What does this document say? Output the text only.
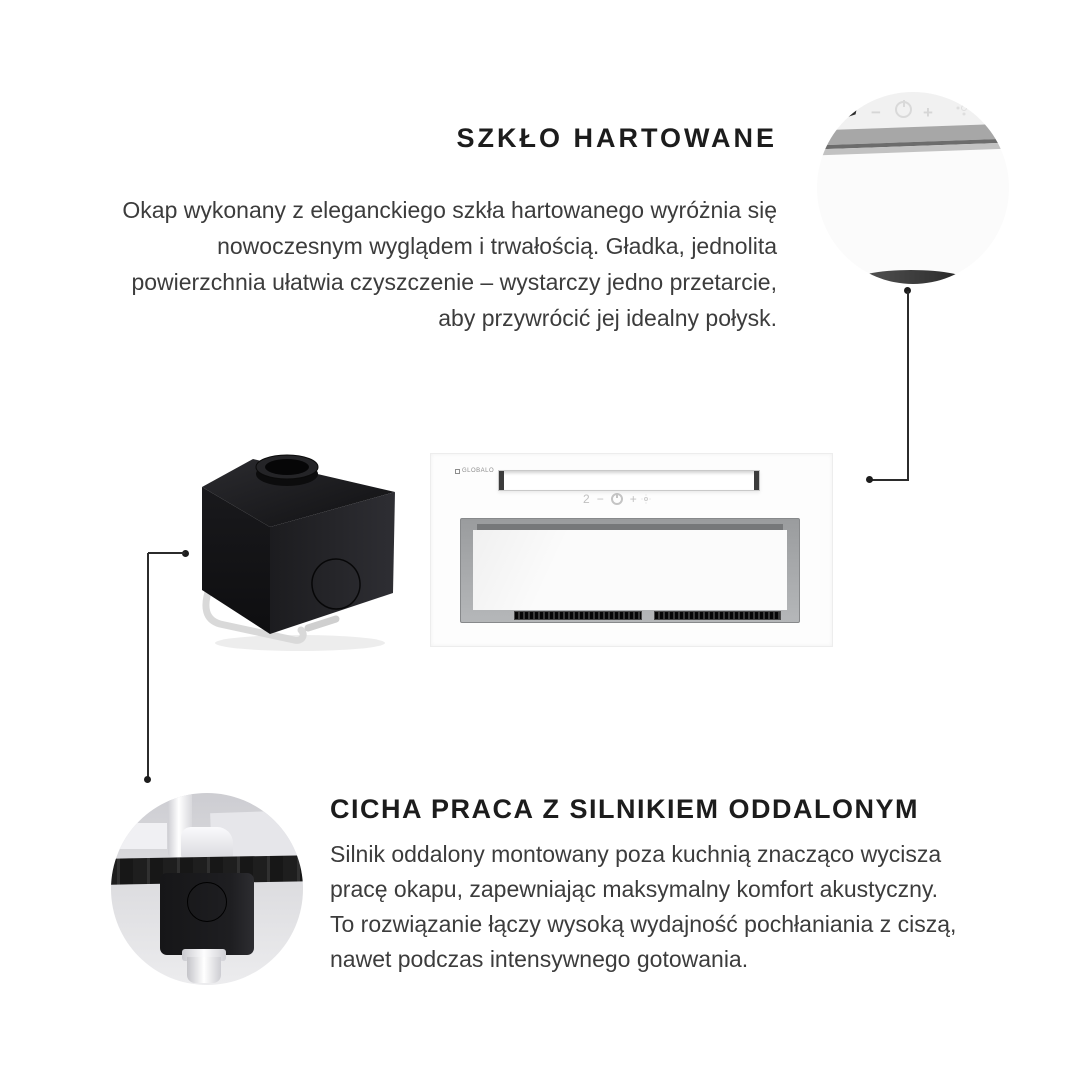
SZKŁO HARTOWANE
Okap wykonany z eleganckiego szkła hartowanego wyróżnia się
nowoczesnym wyglądem i trwałością. Gładka, jednolita
powierzchnia ułatwia czyszczenie – wystarczy jedno przetarcie,
aby przywrócić jej idealny połysk.
CICHA PRACA Z SILNIKIEM ODDALONYM
Silnik oddalony montowany poza kuchnią znacząco wycisza
pracę okapu, zapewniając maksymalny komfort akustyczny.
To rozwiązanie łączy wysoką wydajność pochłaniania z ciszą,
nawet podczas intensywnego gotowania.
− +
GLOBALO
2 − +
